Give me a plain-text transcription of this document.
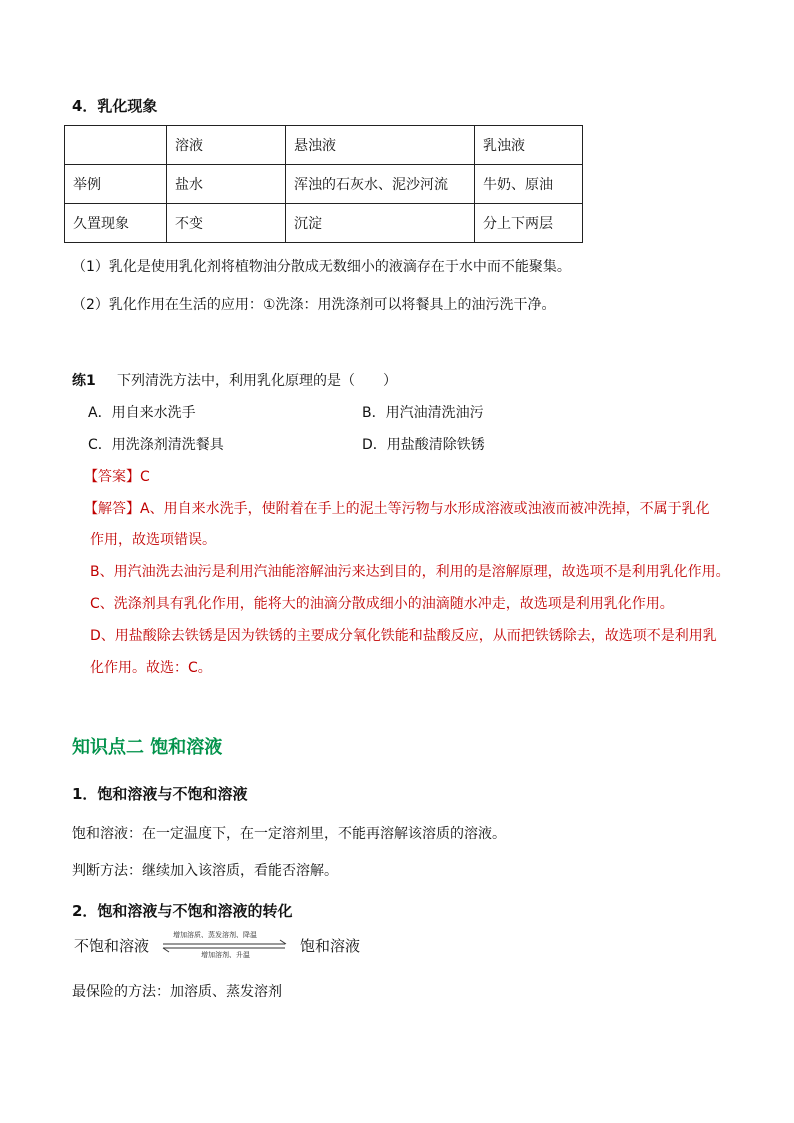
4．乳化现象
	溶液	悬浊液	乳浊液
举例	盐水	浑浊的石灰水、泥沙河流	牛奶、原油
久置现象	不变	沉淀	分上下两层
（1）乳化是使用乳化剂将植物油分散成无数细小的液滴存在于水中而不能聚集。
（2）乳化作用在生活的应用：①洗涤：用洗涤剂可以将餐具上的油污洗干净。
练1 下列清洗方法中，利用乳化原理的是（　　）
A．用自来水洗手	B．用汽油清洗油污
C．用洗涤剂清洗餐具	D．用盐酸清除铁锈
【答案】C
【解答】A、用自来水洗手，使附着在手上的泥土等污物与水形成溶液或浊液而被冲洗掉，不属于乳化
作用，故选项错误。
B、用汽油洗去油污是利用汽油能溶解油污来达到目的，利用的是溶解原理，故选项不是利用乳化作用。
C、洗涤剂具有乳化作用，能将大的油滴分散成细小的油滴随水冲走，故选项是利用乳化作用。
D、用盐酸除去铁锈是因为铁锈的主要成分氧化铁能和盐酸反应，从而把铁锈除去，故选项不是利用乳
化作用。故选：C。
知识点二 饱和溶液
1．饱和溶液与不饱和溶液
饱和溶液：在一定温度下，在一定溶剂里，不能再溶解该溶质的溶液。
判断方法：继续加入该溶质，看能否溶解。
2．饱和溶液与不饱和溶液的转化
不饱和溶液
增加溶质、蒸发溶剂、降温
增加溶剂、升温	饱和溶液
最保险的方法：加溶质、蒸发溶剂
